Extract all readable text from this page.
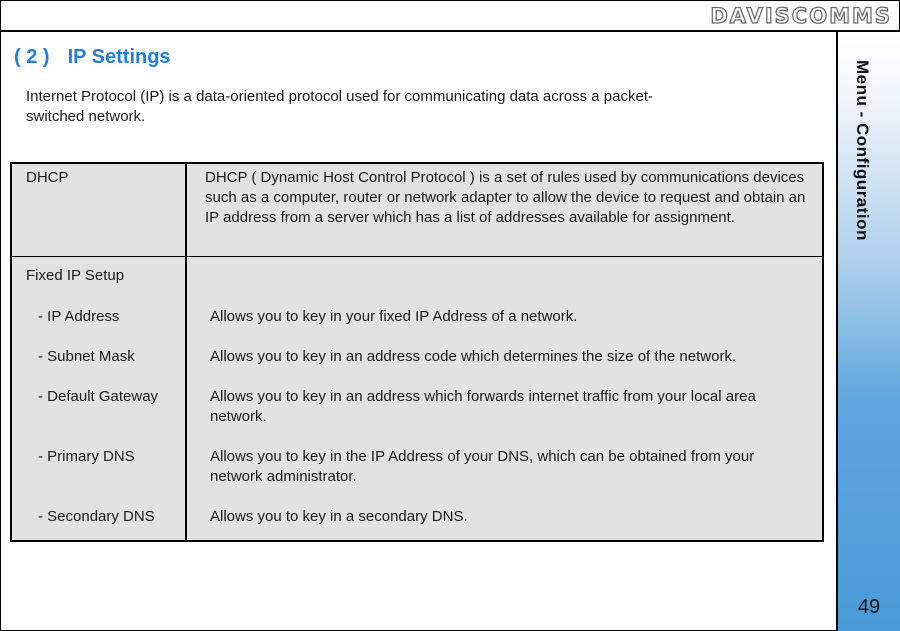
DAVISCOMMS
Menu - Configuration
49
( 2 ) IP Settings
Internet Protocol (IP) is a data-oriented protocol used for communicating data across a packet-switched network.
DHCP	DHCP ( Dynamic Host Control Protocol ) is a set of rules used by communications devices such as a computer, router or network adapter to allow the device to request and obtain an IP address from a server which has a list of addresses available for assignment.
Fixed IP Setup
- IP Address	Allows you to key in your fixed IP Address of a network.
- Subnet Mask	Allows you to key in an address code which determines the size of the network.
- Default Gateway	Allows you to key in an address which forwards internet traffic from your local area network.
- Primary DNS	Allows you to key in the IP Address of your DNS, which can be obtained from your network administrator.
- Secondary DNS	Allows you to key in a secondary DNS.
